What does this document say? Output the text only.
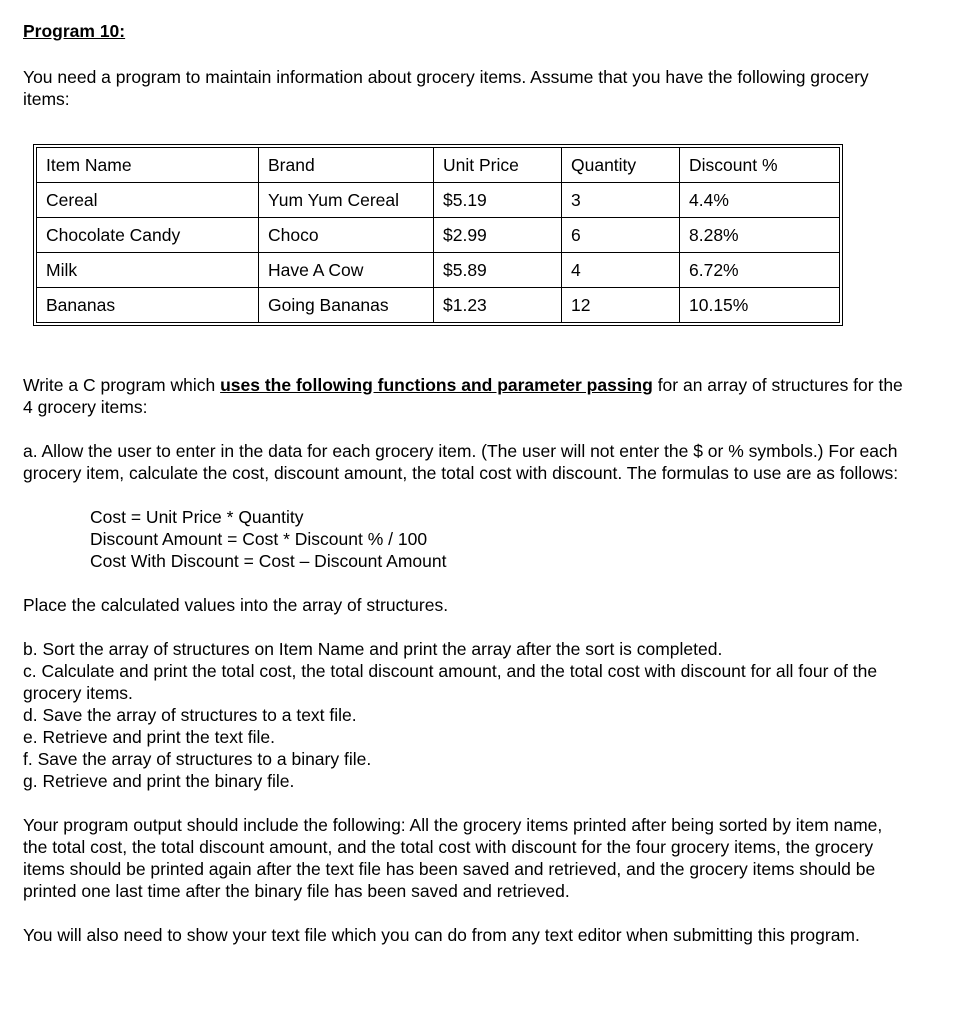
Program 10:

You need a program to maintain information about grocery items. Assume that you have the following grocery items:

Item Name	Brand	Unit Price	Quantity	Discount %
Cereal	Yum Yum Cereal	$5.19	3	4.4%
Chocolate Candy	Choco	$2.99	6	8.28%
Milk	Have A Cow	$5.89	4	6.72%
Bananas	Going Bananas	$1.23	12	10.15%

Write a C program which uses the following functions and parameter passing for an array of structures for the 4 grocery items:

a. Allow the user to enter in the data for each grocery item. (The user will not enter the $ or % symbols.) For each grocery item, calculate the cost, discount amount, the total cost with discount. The formulas to use are as follows:

Cost = Unit Price * Quantity

Discount Amount = Cost * Discount % / 100

Cost With Discount = Cost – Discount Amount

Place the calculated values into the array of structures.

b. Sort the array of structures on Item Name and print the array after the sort is completed.

c. Calculate and print the total cost, the total discount amount, and the total cost with discount for all four of the grocery items.

d. Save the array of structures to a text file.

e. Retrieve and print the text file.

f. Save the array of structures to a binary file.

g. Retrieve and print the binary file.

Your program output should include the following: All the grocery items printed after being sorted by item name, the total cost, the total discount amount, and the total cost with discount for the four grocery items, the grocery items should be printed again after the text file has been saved and retrieved, and the grocery items should be printed one last time after the binary file has been saved and retrieved.

You will also need to show your text file which you can do from any text editor when submitting this program.
